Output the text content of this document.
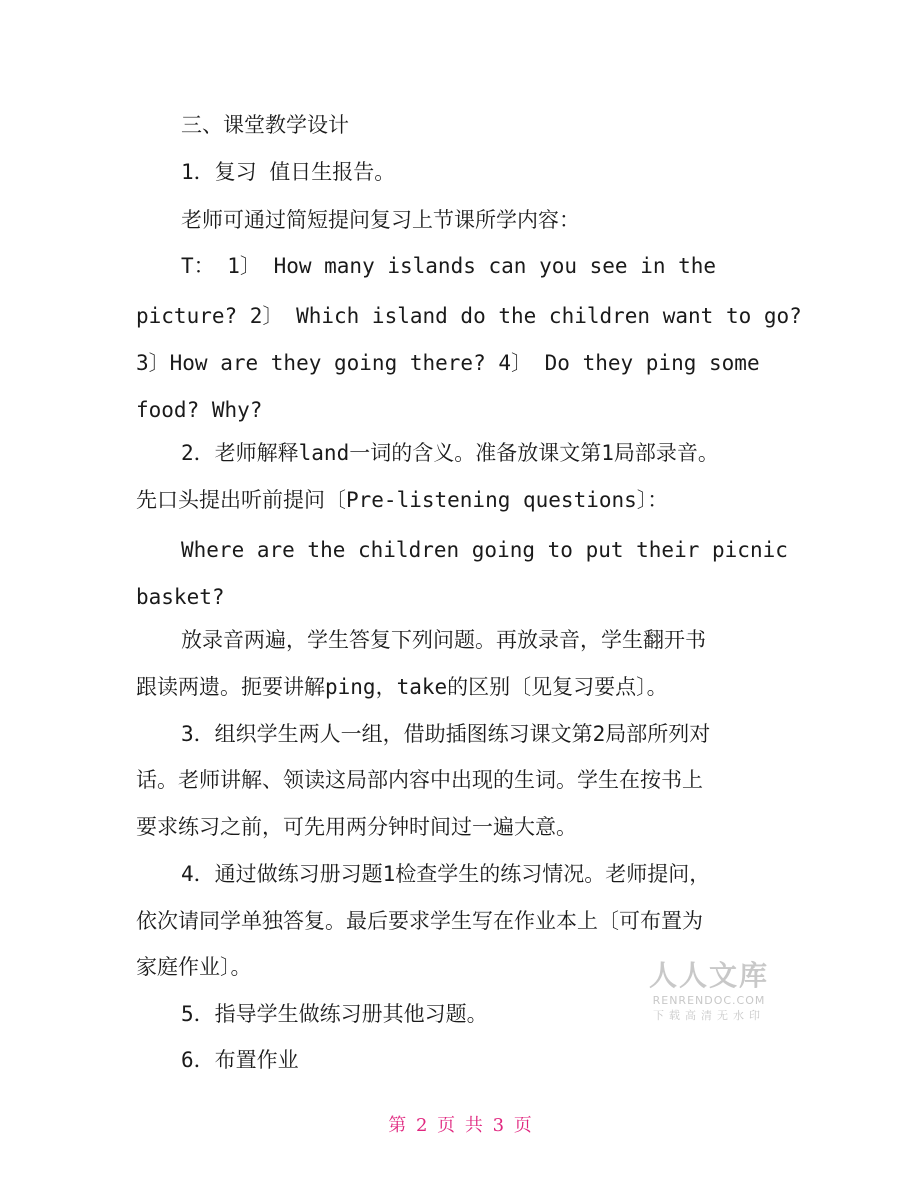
三、课堂教学设计
1．复习 值日生报告。
老师可通过简短提问复习上节课所学内容：
T： 1〕 How many islands can you see in the
picture? 2〕 Which island do the children want to go?
3〕How are they going there? 4〕 Do they ping some
food? Why?
2．老师解释land一词的含义。准备放课文第1局部录音。
先口头提出听前提问〔Pre-listening questions〕：
Where are the children going to put their picnic
basket?
放录音两遍，学生答复下列问题。再放录音，学生翻开书
跟读两遗。扼要讲解ping，take的区别〔见复习要点〕。
3．组织学生两人一组，借助插图练习课文第2局部所列对
话。老师讲解、领读这局部内容中出现的生词。学生在按书上
要求练习之前，可先用两分钟时间过一遍大意。
4．通过做练习册习题1检查学生的练习情况。老师提问，
依次请同学单独答复。最后要求学生写在作业本上〔可布置为
家庭作业〕。
5．指导学生做练习册其他习题。
6．布置作业
人人文库
RENRENDOC.COM
下载高清无水印
第 2 页 共 3 页
